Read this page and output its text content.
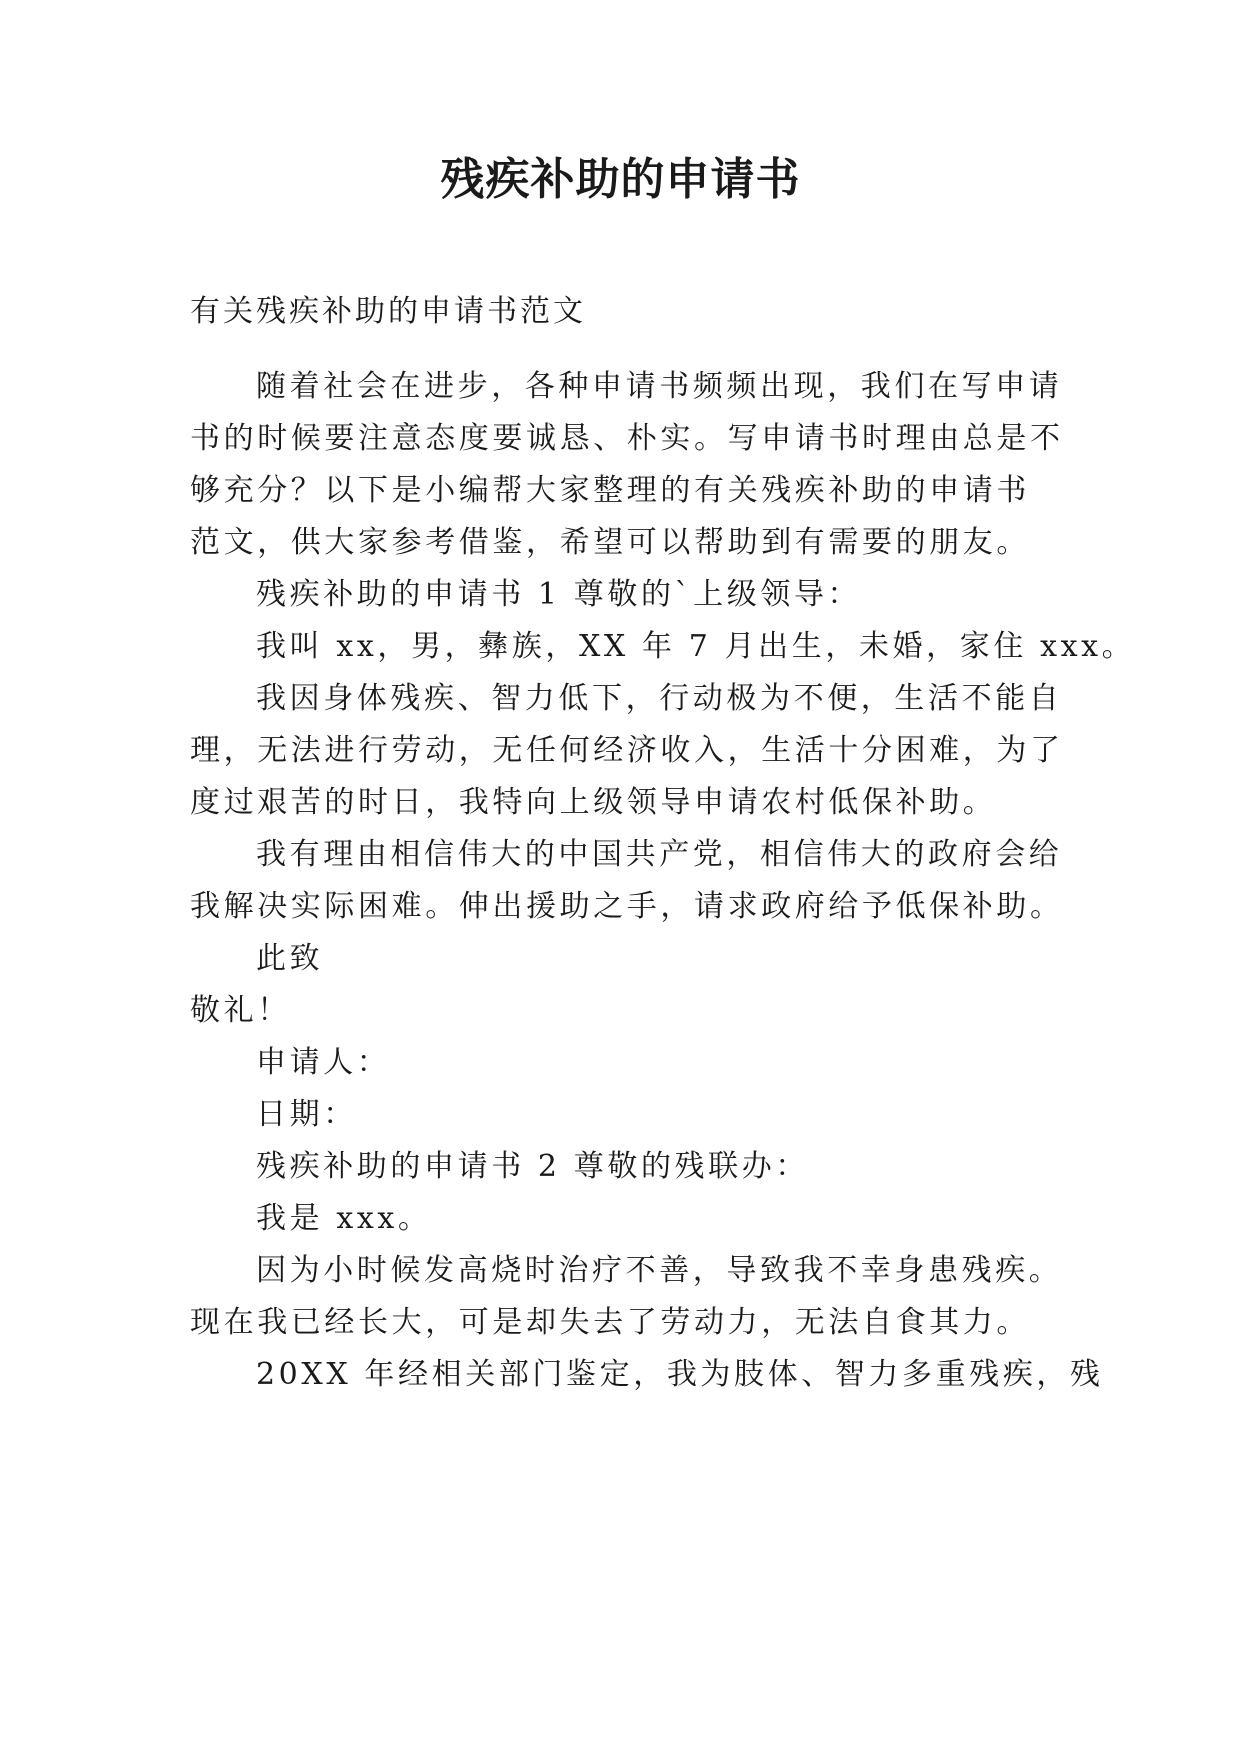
残疾补助的申请书
有关残疾补助的申请书范文
随着社会在进步，各种申请书频频出现，我们在写申请
书的时候要注意态度要诚恳、朴实。写申请书时理由总是不
够充分？以下是小编帮大家整理的有关残疾补助的申请书
范文，供大家参考借鉴，希望可以帮助到有需要的朋友。
残疾补助的申请书 1 尊敬的`上级领导：
我叫 xx，男，彝族，XX 年 7 月出生，未婚，家住 xxx。
我因身体残疾、智力低下，行动极为不便，生活不能自
理，无法进行劳动，无任何经济收入，生活十分困难，为了
度过艰苦的时日，我特向上级领导申请农村低保补助。
我有理由相信伟大的中国共产党，相信伟大的政府会给
我解决实际困难。伸出援助之手，请求政府给予低保补助。
此致
敬礼！
申请人：
日期：
残疾补助的申请书 2 尊敬的残联办：
我是 xxx。
因为小时候发高烧时治疗不善，导致我不幸身患残疾。
现在我已经长大，可是却失去了劳动力，无法自食其力。
20XX 年经相关部门鉴定，我为肢体、智力多重残疾，残
